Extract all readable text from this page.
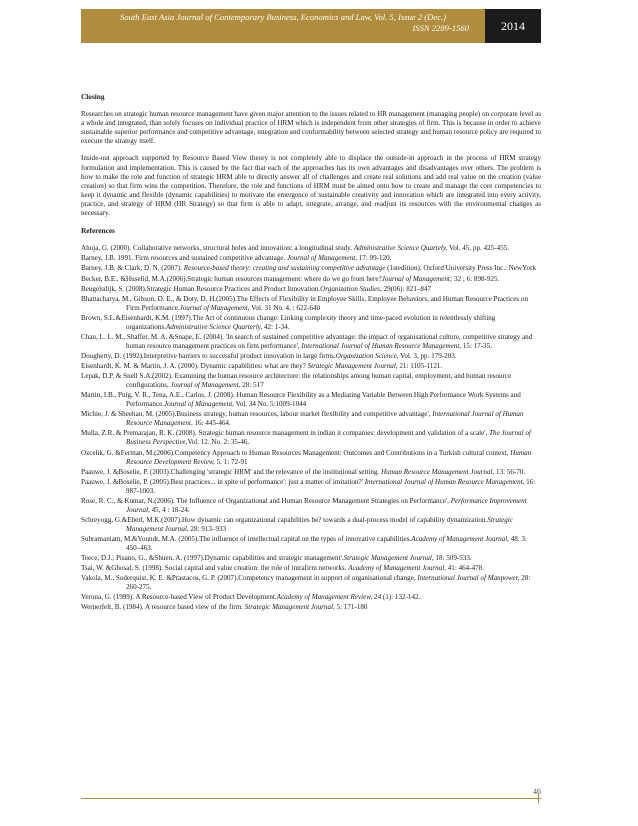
South East Asia Journal of Contemporary Business, Economics and Law, Vol. 5, Issue 2 (Dec.)
ISSN 2289-1560	2014
Closing

Researches on strategic human resource management have given major attention to the issues related to HR management (managing people) on corporate level as a whole and integrated, than solely focuses on individual practice of HRM which is independent from other strategies of firm. This is because in order to achieve sustainable superior performance and competitive advantage, integration and conformability between selected strategy and human resource policy are required to execute the strategy itself.

Inside-out approach supported by Resource Based View theory is not completely able to displace the outside-in approach in the process of HRM strategy formulation and implementation. This is caused by the fact that each of the approaches has its own advantages and disadvantages over others. The problem is how to make the role and function of strategic HRM able to directly answer all of challenges and create real solutions and add real value on the creation (value creation) so that firm wins the competition. Therefore, the role and functions of HRM must be aimed onto how to create and manage the core competencies to keep it dynamic and flexible (dynamic capabilities) to motivate the emergence of sustainable creativity and innovation which are integrated into every activity, practice, and strategy of HRM (HR Strategy) so that firm is able to adapt, integrate, arrange, and readjust its resources with the environmental changes as necessary.

References
Ahuja, G. (2000). Collaborative networks, structural holes and innovation: a longitudinal study. Administrative Science Quartely, Vol. 45, pp. 425-455.
Barney, J.B. 1991. Firm resources and sustained competitive advantage. Journal of Management, 17: 99-120.
Barney, J.B. & Clark, D. N. (2007). Resource-based theory: creating and sustaining competitive advantage (1stedition). Oxford University Press Inc.: NewYork
Becker, B.E., &Huselid, M.A.(2006).Strategic human resources management: where do we go from here?Journal of Management; 32 ; 6: 898-925.
Beugelsdijk, S. (2008).Strategic Human Resource Practices and Product Innovation.Organization Studies, 29(06): 821–847
Bhattacharya, M., Gibson, D. E., & Doty, D. H.(2005).The Effects of Flexibility in Employee Skills, Employee Behaviors, and Human Resource Practices on Firm Performance.Journal of Management, Vol. 31 No. 4, : 622-640
Brown, S.L.&Eisenhardt, K.M. (1997).The Art of continuous change: Linking complexity theory and time-paced evolution in relentlessly shifting organizations.Administrative Science Quarterly, 42: 1-34.
Chan, L. L. M., Shaffer, M. A. &Snape, E. (2004). 'In search of sustained competitive advantage: the impact of organisational culture, competitive strategy and human resource management practices on firm performance', International Journal of Human Resource Management, 15: 17-35.
Dougherty, D. (1992).Interpretive barriers to successful product innovation in large firms.Organization Science. Vol. 3, pp. 179-203.
Eisenhardt, K. M. & Martin, J. A. (2000). Dynamic capabilities: what are they? Strategic Management Journal, 21: 1105-1121.
Lepak, D.P. & Snell S.A.(2002). Examining the human resource architecture: the relationships among human capital, employment, and human resource configurations, Journal of Management, 28: 517
Martin, I.B., Puig, V. R., Tena, A.E., Carlos, J. (2008). Human Resource Flexibility as a Mediating Variable Between High Performance Work Systems and Performance.Journal of Management, Vol. 34 No. 5:1009-1044
Michie, J. & Sheehan, M. (2005).Business strategy, human resources, labour market flexibility and competitive advantage', International Journal of Human Resource Management, 16: 445-464.
Mulla, Z.R. & Premarajan, R. K. (2008). Strategic human resource management in indian it companies: development and validation of a scale', The Journal of Business Perspective,Vol. 12. No. 2: 35-46.
Ozcelik, G. &Ferman, M.(2006).Competency Approach to Human Resources Management: Outcomes and Contributions in a Turkish cultural context, Human Resource Development Review, 5. 1: 72-91
Paauwe, J. &Boselie, P. (2003).Challenging 'strategic HRM' and the relevance of the institutional setting. Human Resource Management Journal, 13: 56-70.
Paauwe, J. &Boselie, P. (2005).Best practices... in spite of performance': just a matter of imitation?' International Journal of Human Resource Management, 16: 987-1003.
Rose, R. C., & Kumar, N.(2006). The Influence of Organizational and Human Resource Management Strategies on Performance', Performance Improvement Journal, 45, 4 : 18-24.
Schreyogg, G.&Eberl, M.K.(2007).How dynamic can organizational capabilities be? towards a dual-process model of capability dynamization.Strategic Management Journal, 28: 913–933
Subramaniam, M.&Youndt, M.A. (2005).The influence of intellectual capital on the types of innovative capabilities.Academy of Management Journal, 48. 3: 450–463.
Teece, D.J., Pisano, G., &Shuen, A. (1997).Dynamic capabilities and strategic management'.Strategic Management Journal, 18: 509-533.
Tsai, W. &Ghosal, S. (1998). Social capital and value creation: the role of intrafirm networks. Academy of Management Journal, 41: 464-478.
Vakola, M., Soderquist, K. E. &Prastacos, G. P. (2007).Competency management in support of organisational change, International Journal of Manpower, 28: 260-275.
Verona, G. (1999). A Resource-based View of Product Development.Academy of Management Review, 24 (1): 132-142.
Wernerfelt, B. (1984). A resource based view of the firm. Strategic Management Journal, 5: 171-180
46
